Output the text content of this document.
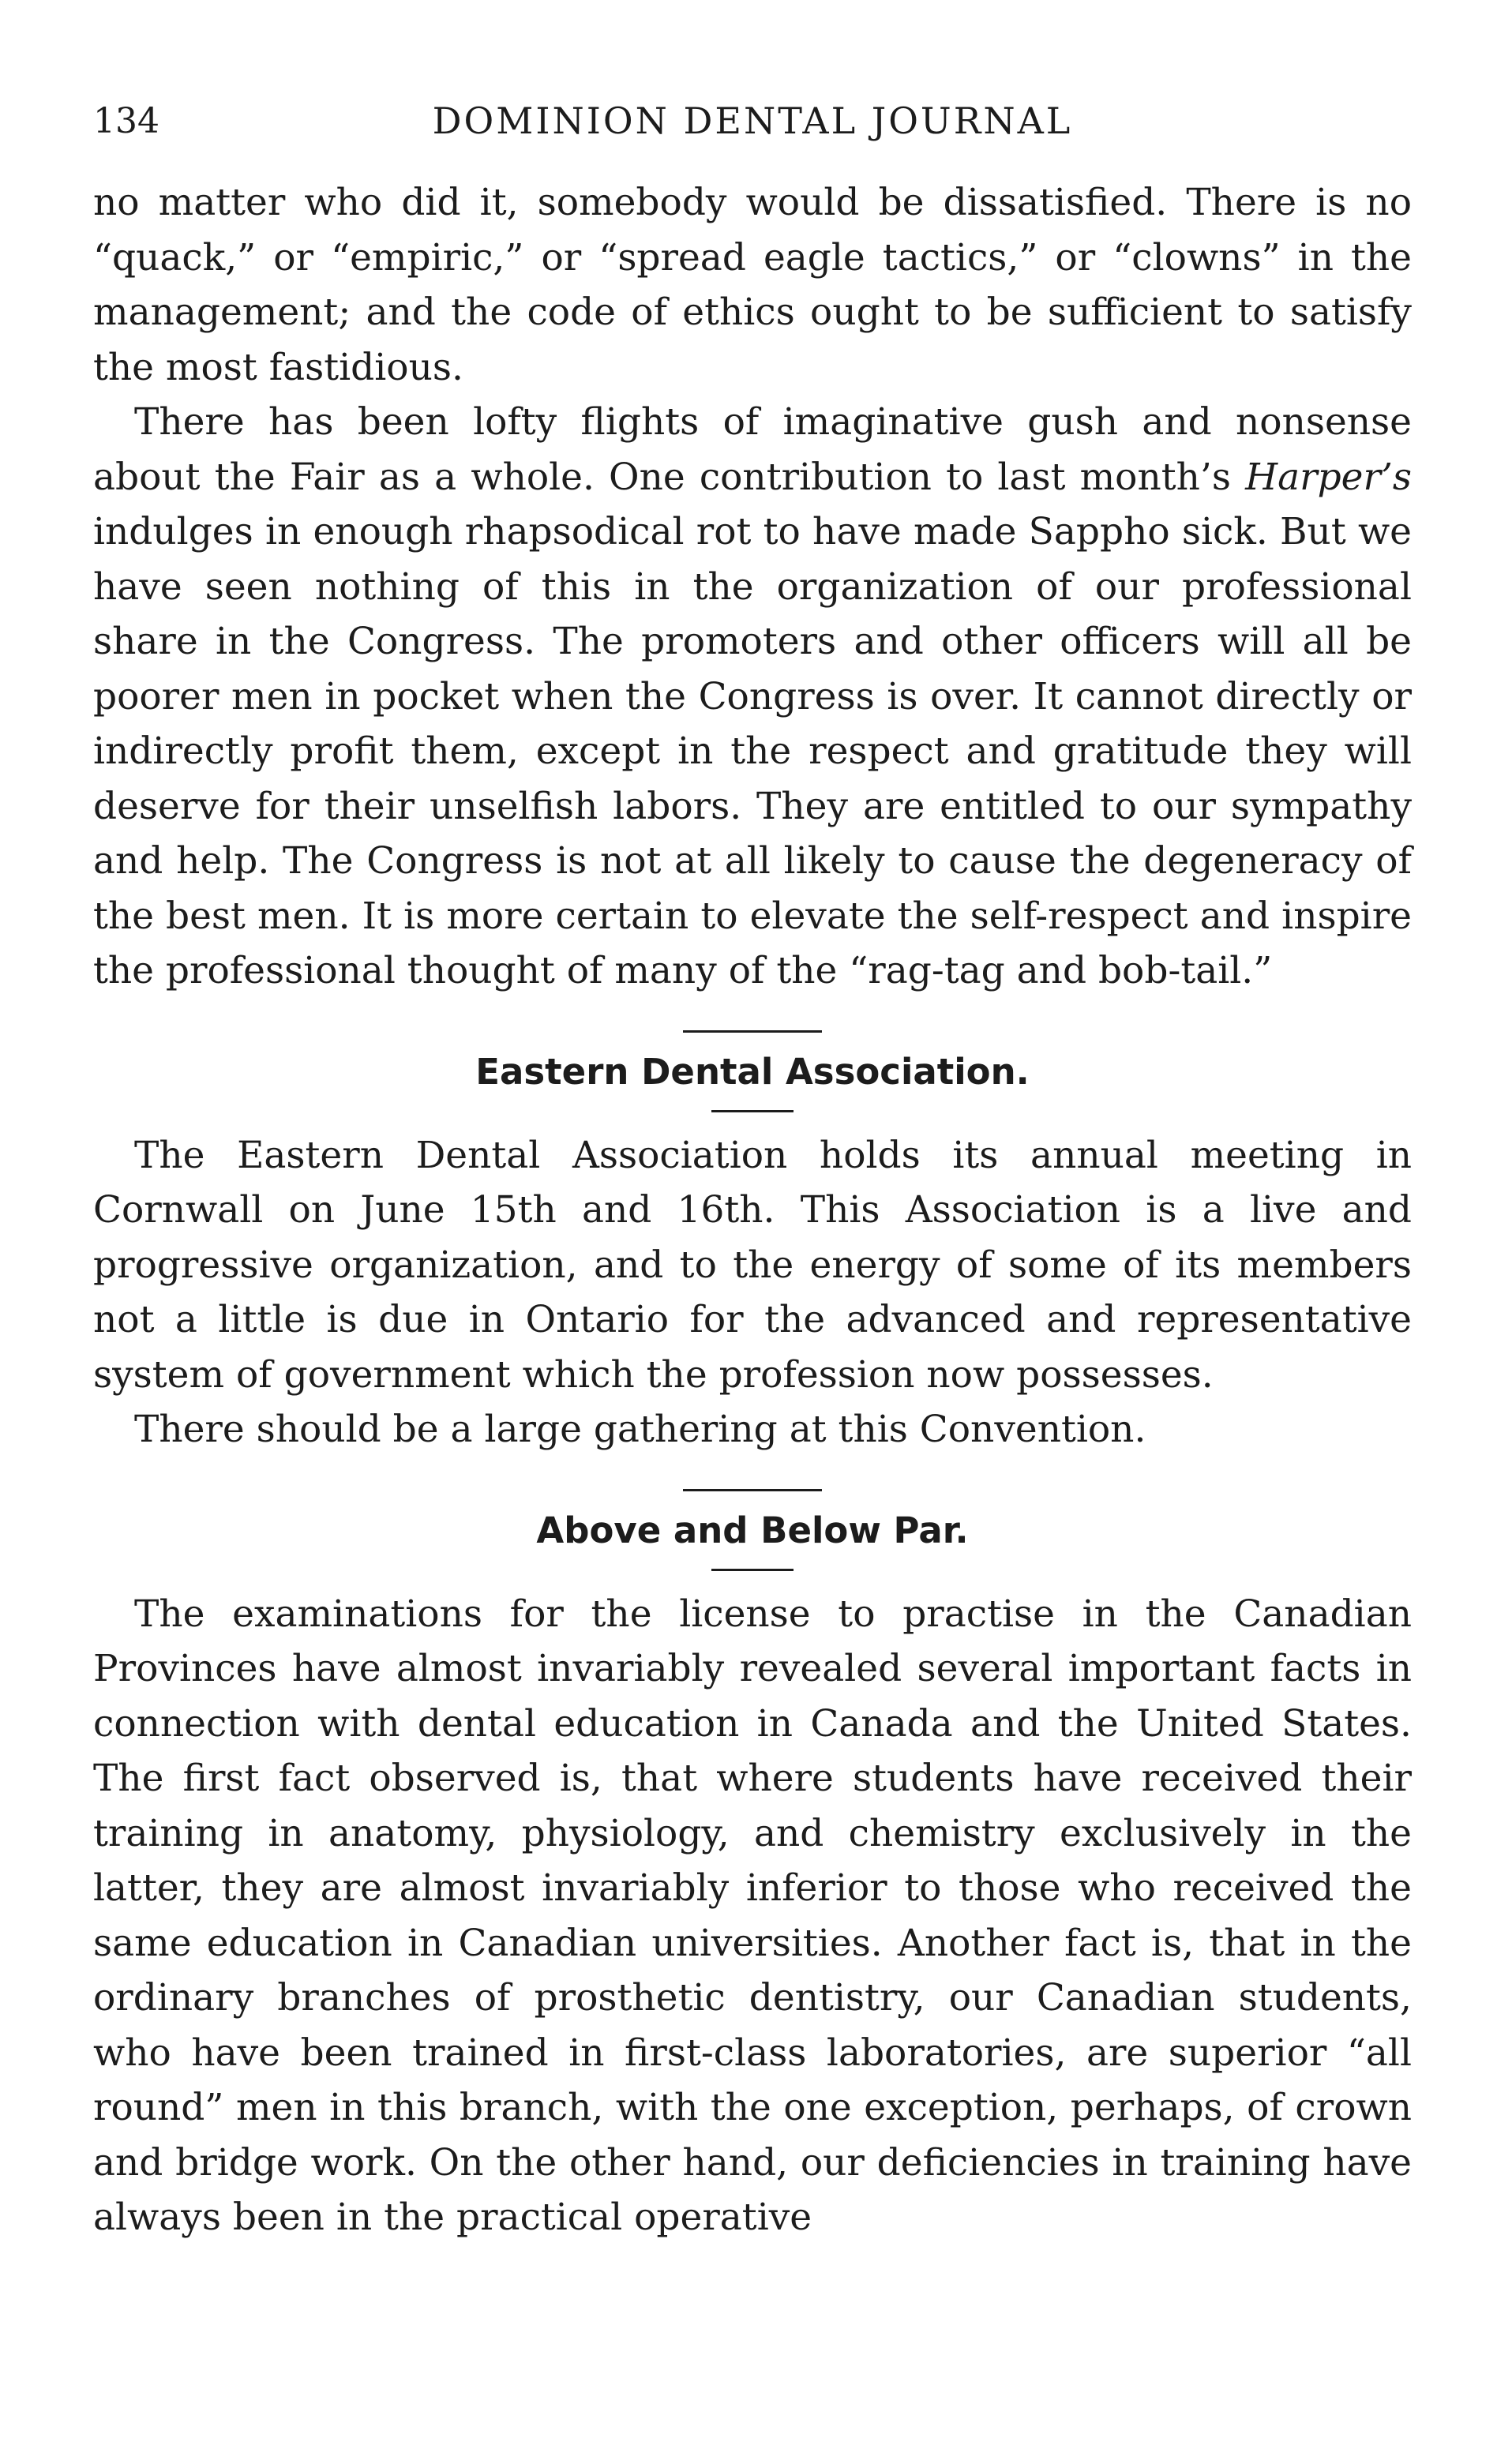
134	DOMINION DENTAL JOURNAL

no matter who did it, somebody would be dissatisfied. There is no “quack,” or “empiric,” or “spread eagle tactics,” or “clowns” in the management; and the code of ethics ought to be sufficient to satisfy the most fastidious.

There has been lofty flights of imaginative gush and nonsense about the Fair as a whole. One contribution to last month’s Harper’s indulges in enough rhapsodical rot to have made Sappho sick. But we have seen nothing of this in the organization of our professional share in the Congress. The promoters and other officers will all be poorer men in pocket when the Congress is over. It cannot directly or indirectly profit them, except in the respect and gratitude they will deserve for their unselfish labors. They are entitled to our sympathy and help. The Congress is not at all likely to cause the degeneracy of the best men. It is more certain to elevate the self-respect and inspire the professional thought of many of the “rag-tag and bob-tail.”

Eastern Dental Association.

The Eastern Dental Association holds its annual meeting in Cornwall on June 15th and 16th. This Association is a live and progressive organization, and to the energy of some of its members not a little is due in Ontario for the advanced and representative system of government which the profession now possesses.

There should be a large gathering at this Convention.

Above and Below Par.

The examinations for the license to practise in the Canadian Provinces have almost invariably revealed several important facts in connection with dental education in Canada and the United States. The first fact observed is, that where students have received their training in anatomy, physiology, and chemistry exclusively in the latter, they are almost invariably inferior to those who received the same education in Canadian universities. Another fact is, that in the ordinary branches of prosthetic dentistry, our Canadian students, who have been trained in first-class laboratories, are superior “all round” men in this branch, with the one exception, perhaps, of crown and bridge work. On the other hand, our deficiencies in training have always been in the practical operative
